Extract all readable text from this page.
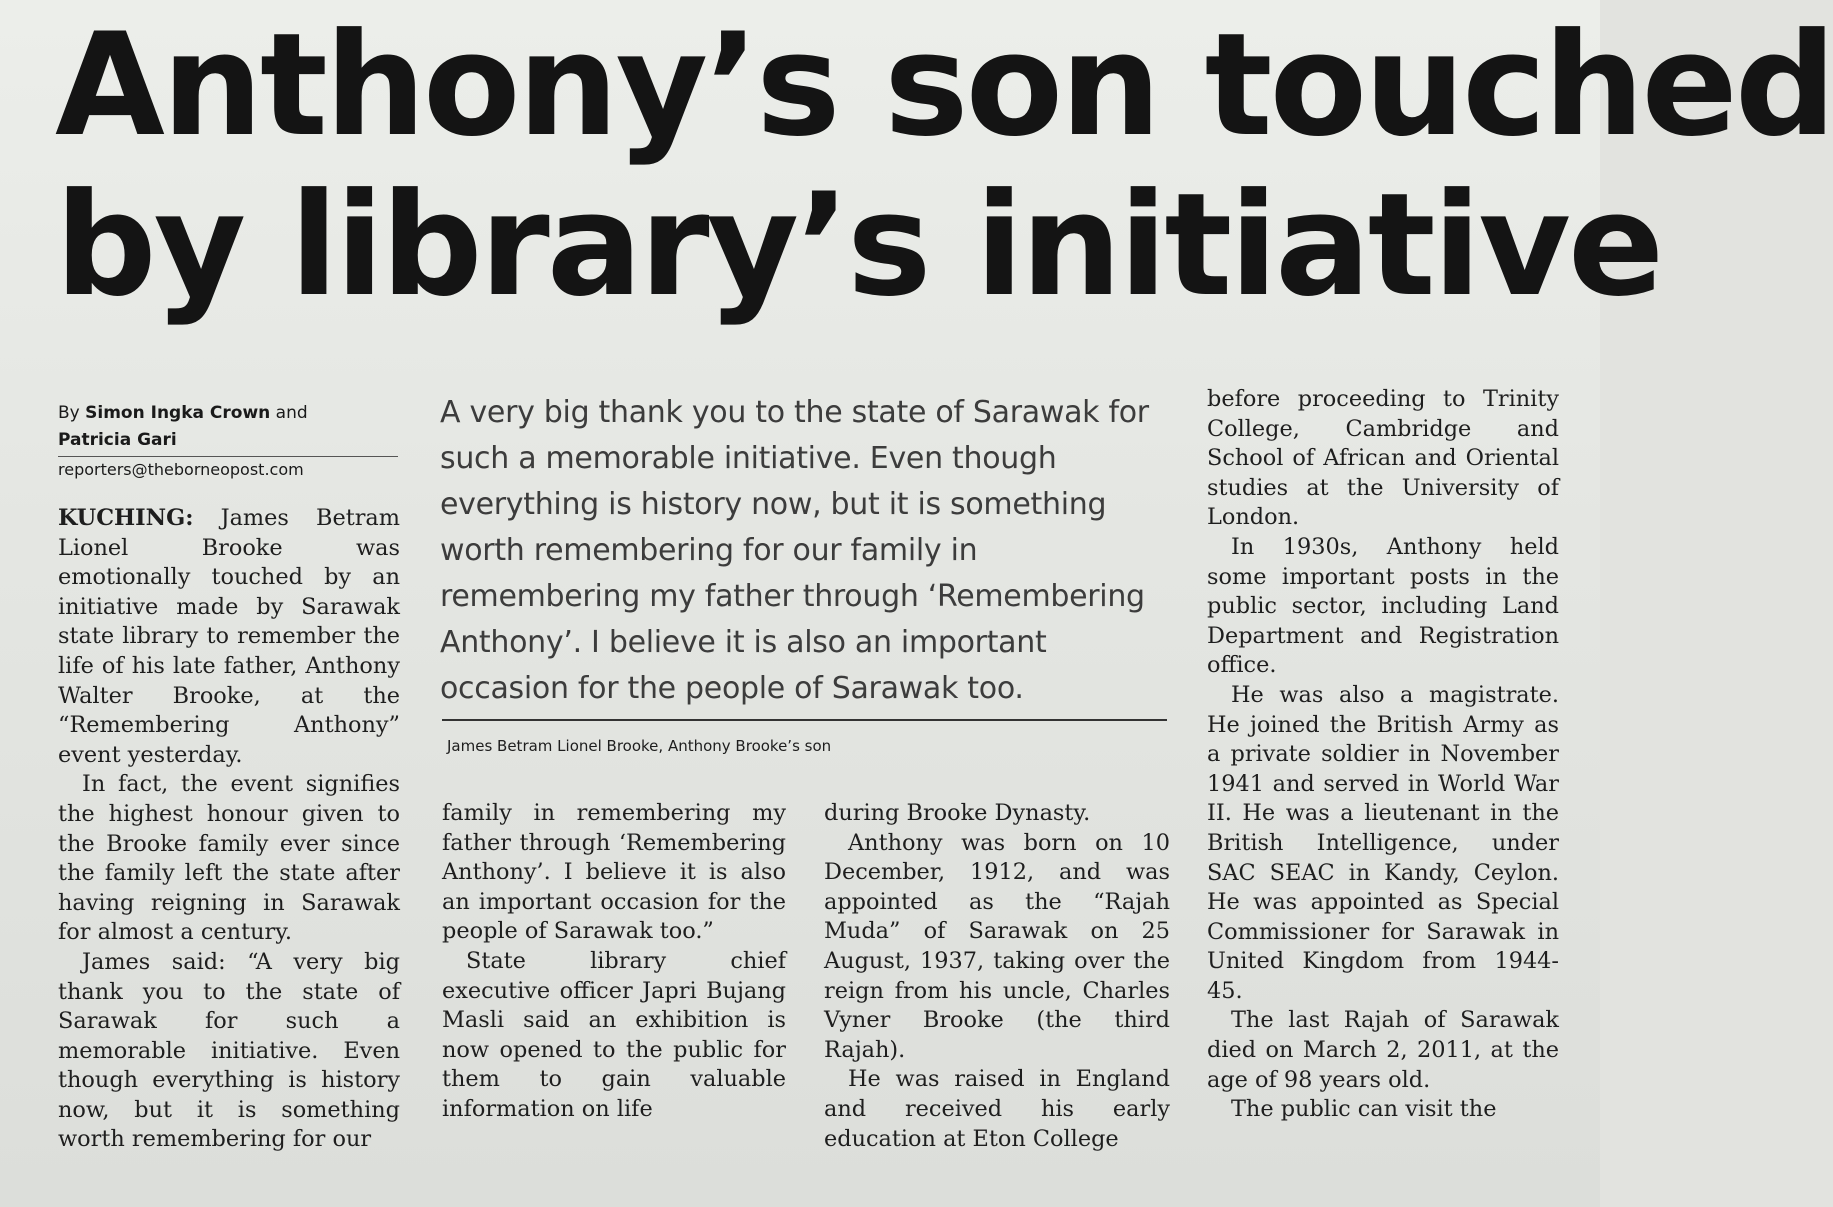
Anthony’s son touched
by library’s initiative
By Simon Ingka Crown and
Patricia Gari
reporters@theborneopost.com

KUCHING: James Betram Lionel Brooke was emotionally touched by an initiative made by Sarawak state library to remember the life of his late father, Anthony Walter Brooke, at the “Remembering Anthony” event yesterday.

In fact, the event signifies the highest honour given to the Brooke family ever since the family left the state after having reigning in Sarawak for almost a century.

James said: “A very big thank you to the state of Sarawak for such a memorable initiative. Even though everything is history now, but it is something worth remembering for our

A very big thank you to the state of Sarawak for such a memorable initiative. Even though everything is history now, but it is something worth remembering for our family in remembering my father through ‘Remembering Anthony’. I believe it is also an important occasion for the people of Sarawak too.
James Betram Lionel Brooke, Anthony Brooke’s son

family in remembering my father through ‘Remembering Anthony’. I believe it is also an important occasion for the people of Sarawak too.”

State library chief executive officer Japri Bujang Masli said an exhibition is now opened to the public for them to gain valuable information on life

during Brooke Dynasty.

Anthony was born on 10 December, 1912, and was appointed as the “Rajah Muda” of Sarawak on 25 August, 1937, taking over the reign from his uncle, Charles Vyner Brooke (the third Rajah).

He was raised in England and received his early education at Eton College

before proceeding to Trinity College, Cambridge and School of African and Oriental studies at the University of London.

In 1930s, Anthony held some important posts in the public sector, including Land Department and Registration office.

He was also a magistrate. He joined the British Army as a private soldier in November 1941 and served in World War II. He was a lieutenant in the British Intelligence, under SAC SEAC in Kandy, Ceylon. He was appointed as Special Commissioner for Sarawak in United Kingdom from 1944-45.

The last Rajah of Sarawak died on March 2, 2011, at the age of 98 years old.

The public can visit the
